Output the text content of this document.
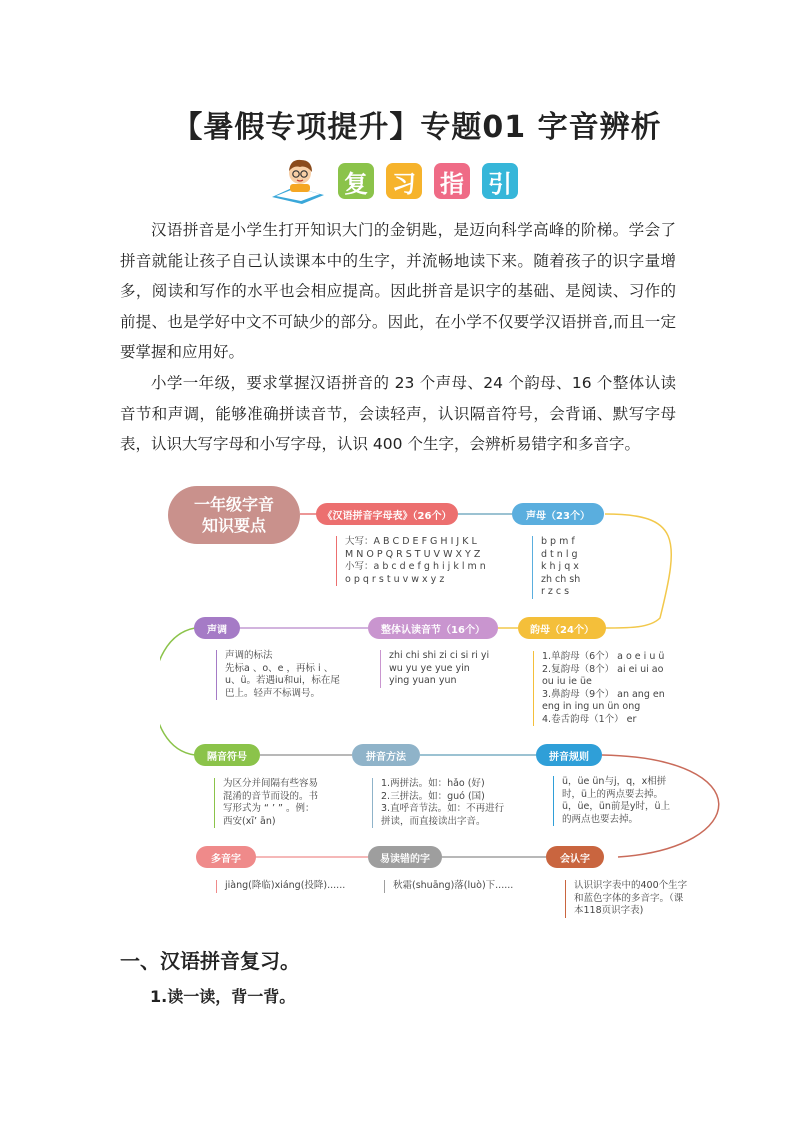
【暑假专项提升】专题01 字音辨析
复 习 指 引

汉语拼音是小学生打开知识大门的金钥匙，是迈向科学高峰的阶梯。学会了拼音就能让孩子自己认读课本中的生字，并流畅地读下来。随着孩子的识字量增多，阅读和写作的水平也会相应提高。因此拼音是识字的基础、是阅读、习作的前提、也是学好中文不可缺少的部分。因此，在小学不仅要学汉语拼音,而且一定要掌握和应用好。

小学一年级，要求掌握汉语拼音的 23 个声母、24 个韵母、16 个整体认读音节和声调，能够准确拼读音节，会读轻声，认识隔音符号，会背诵、默写字母表，认识大写字母和小写字母，认识 400 个生字，会辨析易错字和多音字。

一年级字音
知识要点	《汉语拼音字母表》（26个）
大写：A B C D E F G H I J K L
M N O P Q R S T U V W X Y Z
小写：a b c d e f g h i j k l m n
o p q r s t u v w x y z
声母（23个）
b p m f
d t n l g
k h j q x
zh ch sh
r z c s
韵母（24个）
1.单韵母（6个） a o e i u ü
2.复韵母（8个） ai ei ui ao
ou iu ie üe
3.鼻韵母（9个） an ang en
eng in ing un ün ong
4.卷舌韵母（1个） er
整体认读音节（16个）
zhi chi shi zi ci si ri yi
wu yu ye yue yin
ying yuan yun
声调
声调的标法
先标a 、o、e ，再标 i 、
u、ü。若遇iu和ui，标在尾
巴上。轻声不标调号。
隔音符号
为区分并间隔有些容易
混淆的音节而设的。书
写形式为 “ ’ ” 。例：
西安(xī’ ān)
拼音方法
1.两拼法。如：hǎo (好)
2.三拼法。如：guó (国)
3.直呼音节法。如：不再进行
拼读，而直接读出字音。
拼音规则
ü，üe ün与j，q，x相拼
时，ü上的两点要去掉。
ü，üe，ün前是y时，ü上
的两点也要去掉。
多音字
jiàng(降临)xiáng(投降)......
易读错的字
秋霜(shuāng)落(luò)下......
会认字
认识识字表中的400个生字
和蓝色字体的多音字。（课
本118页识字表)
一、汉语拼音复习。
1.读一读，背一背。
